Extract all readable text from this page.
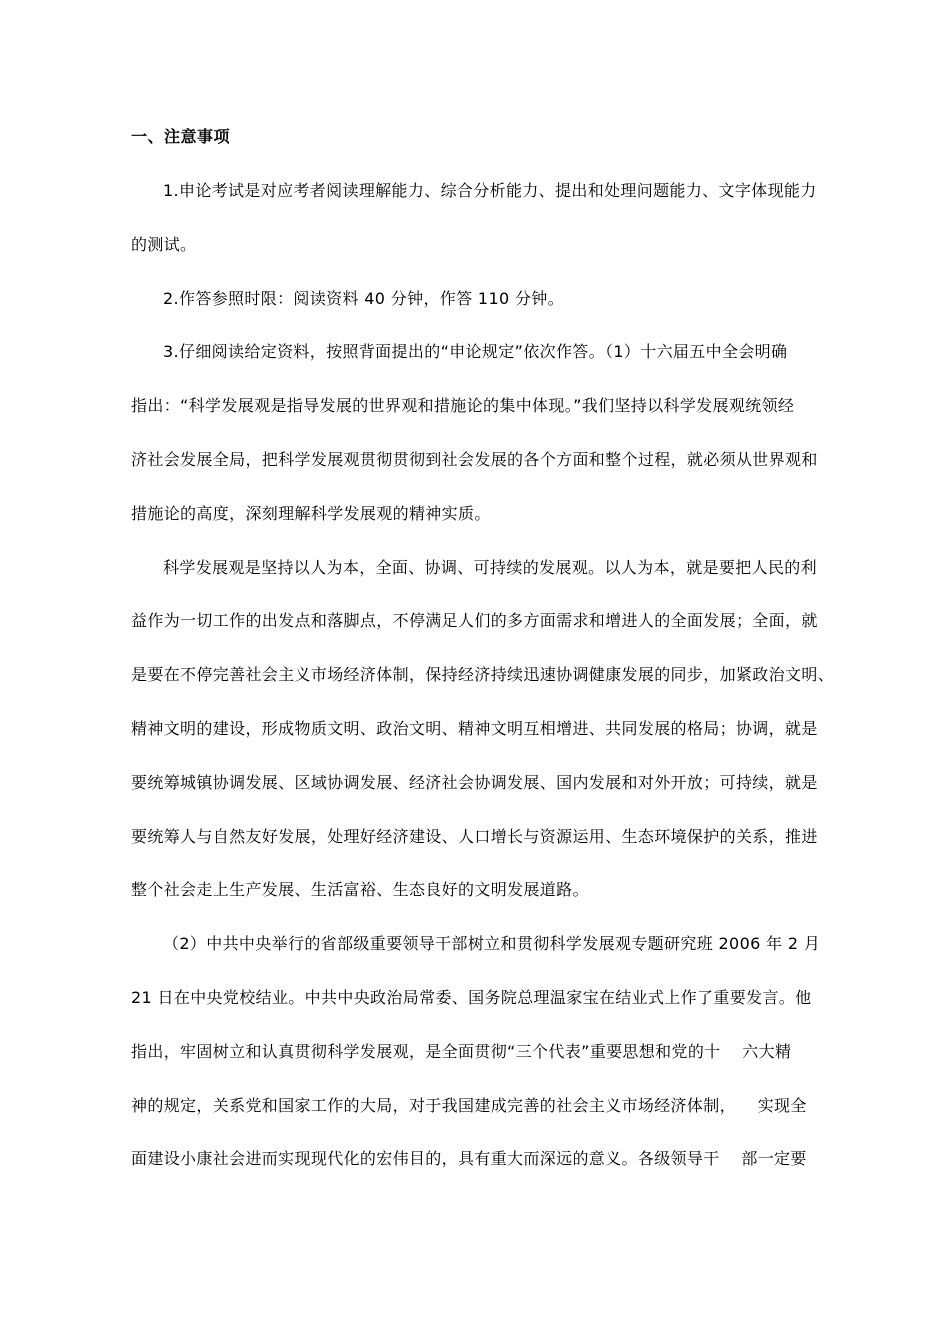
一、注意事项
1.申论考试是对应考者阅读理解能力、综合分析能力、提出和处理问题能力、文字体现能力
的测试。
2.作答参照时限：阅读资料 40 分钟，作答 110 分钟。
3.仔细阅读给定资料，按照背面提出的“申论规定”依次作答。（1）十六届五中全会明确
指出：“科学发展观是指导发展的世界观和措施论的集中体现。”我们坚持以科学发展观统领经
济社会发展全局，把科学发展观贯彻贯彻到社会发展的各个方面和整个过程，就必须从世界观和
措施论的高度，深刻理解科学发展观的精神实质。
科学发展观是坚持以人为本，全面、协调、可持续的发展观。以人为本，就是要把人民的利
益作为一切工作的出发点和落脚点，不停满足人们的多方面需求和增进人的全面发展；全面，就
是要在不停完善社会主义市场经济体制，保持经济持续迅速协调健康发展的同步，加紧政治文明、
精神文明的建设，形成物质文明、政治文明、精神文明互相增进、共同发展的格局；协调，就是
要统筹城镇协调发展、区域协调发展、经济社会协调发展、国内发展和对外开放；可持续，就是
要统筹人与自然友好发展，处理好经济建设、人口增长与资源运用、生态环境保护的关系，推进
整个社会走上生产发展、生活富裕、生态良好的文明发展道路。
（2）中共中央举行的省部级重要领导干部树立和贯彻科学发展观专题研究班 2006 年 2 月
21 日在中央党校结业。中共中央政治局常委、国务院总理温家宝在结业式上作了重要发言。他
指出，牢固树立和认真贯彻科学发展观，是全面贯彻“三个代表”重要思想和党的十    六大精
神的规定，关系党和国家工作的大局，对于我国建成完善的社会主义市场经济体制，    实现全
面建设小康社会进而实现现代化的宏伟目的，具有重大而深远的意义。各级领导干    部一定要
